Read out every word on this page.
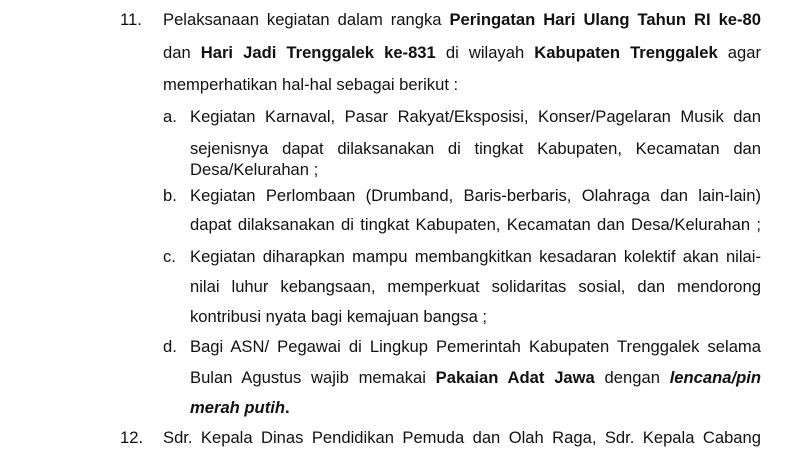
11. Pelaksanaan kegiatan dalam rangka Peringatan Hari Ulang Tahun RI ke-80
dan Hari Jadi Trenggalek ke-831 di wilayah Kabupaten Trenggalek agar
memperhatikan hal-hal sebagai berikut :
a. Kegiatan Karnaval, Pasar Rakyat/Eksposisi, Konser/Pagelaran Musik dan
sejenisnya dapat dilaksanakan di tingkat Kabupaten, Kecamatan dan
Desa/Kelurahan ;
b. Kegiatan Perlombaan (Drumband, Baris-berbaris, Olahraga dan lain-lain)
dapat dilaksanakan di tingkat Kabupaten, Kecamatan dan Desa/Kelurahan ;
c. Kegiatan diharapkan mampu membangkitkan kesadaran kolektif akan nilai-
nilai luhur kebangsaan, memperkuat solidaritas sosial, dan mendorong
kontribusi nyata bagi kemajuan bangsa ;
d. Bagi ASN/ Pegawai di Lingkup Pemerintah Kabupaten Trenggalek selama
Bulan Agustus wajib memakai Pakaian Adat Jawa dengan lencana/pin
merah putih.
12. Sdr. Kepala Dinas Pendidikan Pemuda dan Olah Raga, Sdr. Kepala Cabang
